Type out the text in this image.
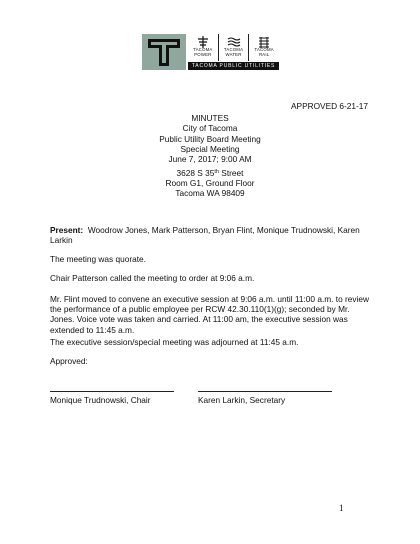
TACOMA
POWER
TACOMA
WATER
TACOMA
RAIL
TACOMA PUBLIC UTILITIES
APPROVED 6-21-17
MINUTES
City of Tacoma
Public Utility Board Meeting
Special Meeting
June 7, 2017; 9:00 AM
3628 S 35th Street
Room G1, Ground Floor
Tacoma WA 98409
Present: Woodrow Jones, Mark Patterson, Bryan Flint, Monique Trudnowski, Karen Larkin
The meeting was quorate.
Chair Patterson called the meeting to order at 9:06 a.m.
Mr. Flint moved to convene an executive session at 9:06 a.m. until 11:00 a.m. to review the performance of a public employee per RCW 42.30.110(1)(g); seconded by Mr. Jones. Voice vote was taken and carried. At 11:00 am, the executive session was extended to 11:45 a.m.
The executive session/special meeting was adjourned at 11:45 a.m.
Approved:
Monique Trudnowski, Chair	Karen Larkin, Secretary
1
